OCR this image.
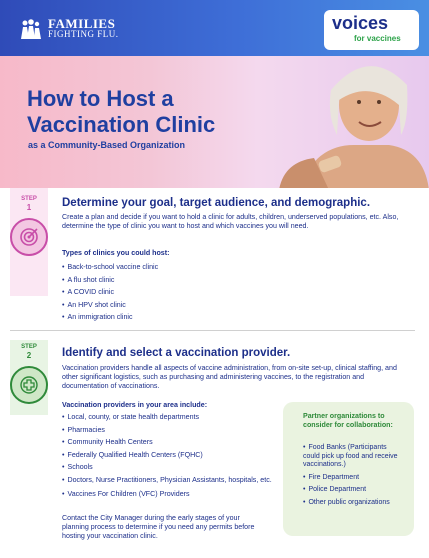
FAMILIES
FIGHTING FLU.
voices
for vaccines
How to Host a
Vaccination Clinic
as a Community-Based Organization
STEP
1	Determine your goal, target audience, and demographic.
Create a plan and decide if you want to hold a clinic for adults, children, underserved populations, etc. Also, determine the type of clinic you want to host and which vaccines you will need.
Types of clinics you could host:
• Back-to-school vaccine clinic
• A flu shot clinic
• A COVID clinic
• An HPV shot clinic
• An immigration clinic
STEP
2	Identify and select a vaccination provider.
Vaccination providers handle all aspects of vaccine administration, from on-site set-up, clinical staffing, and other significant logistics, such as purchasing and administering vaccines, to the registration and documentation of vaccinations.
Vaccination providers in your area include:
• Local, county, or state health departments
• Pharmacies
• Community Health Centers
• Federally Qualified Health Centers (FQHC)
• Schools
• Doctors, Nurse Practitioners, Physician Assistants, hospitals, etc.
• Vaccines For Children (VFC) Providers
Contact the City Manager during the early stages of your planning process to determine if you need any permits before hosting your vaccination clinic.
Partner organizations to consider for collaboration:
• Food Banks (Participants could pick up food and receive vaccinations.)
• Fire Department
• Police Department
• Other public organizations
